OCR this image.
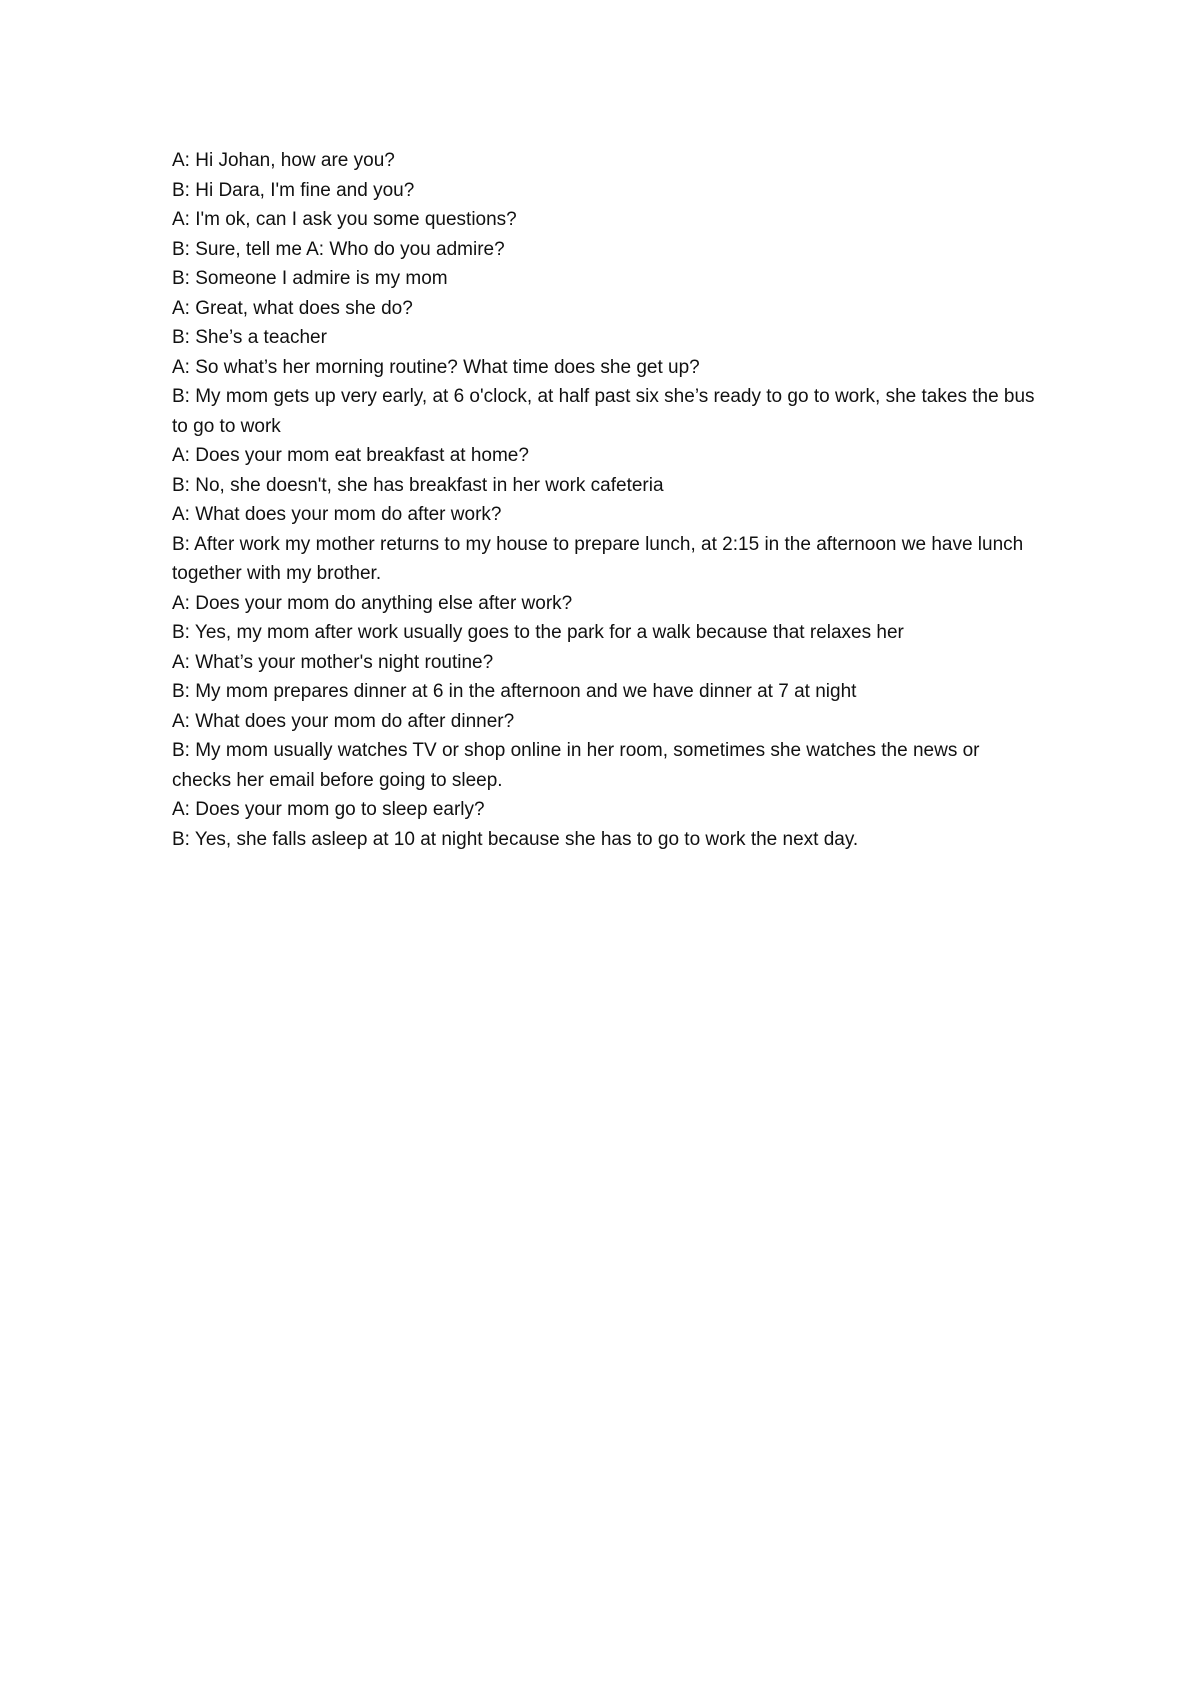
A: Hi Johan, how are you?

B: Hi Dara, I'm fine and you?

A: I'm ok, can I ask you some questions?

B: Sure, tell me A: Who do you admire?

B: Someone I admire is my mom

A: Great, what does she do?

B: She’s a teacher

A: So what’s her morning routine? What time does she get up?

B: My mom gets up very early, at 6 o'clock, at half past six she’s ready to go to work, she takes the bus to go to work

A: Does your mom eat breakfast at home?

B: No, she doesn't, she has breakfast in her work cafeteria

A: What does your mom do after work?

B: After work my mother returns to my house to prepare lunch, at 2:15 in the afternoon we have lunch together with my brother.

A: Does your mom do anything else after work?

B: Yes, my mom after work usually goes to the park for a walk because that relaxes her

A: What’s your mother's night routine?

B: My mom prepares dinner at 6 in the afternoon and we have dinner at 7 at night

A: What does your mom do after dinner?

B: My mom usually watches TV or shop online in her room, sometimes she watches the news or checks her email before going to sleep.

A: Does your mom go to sleep early?

B: Yes, she falls asleep at 10 at night because she has to go to work the next day.
